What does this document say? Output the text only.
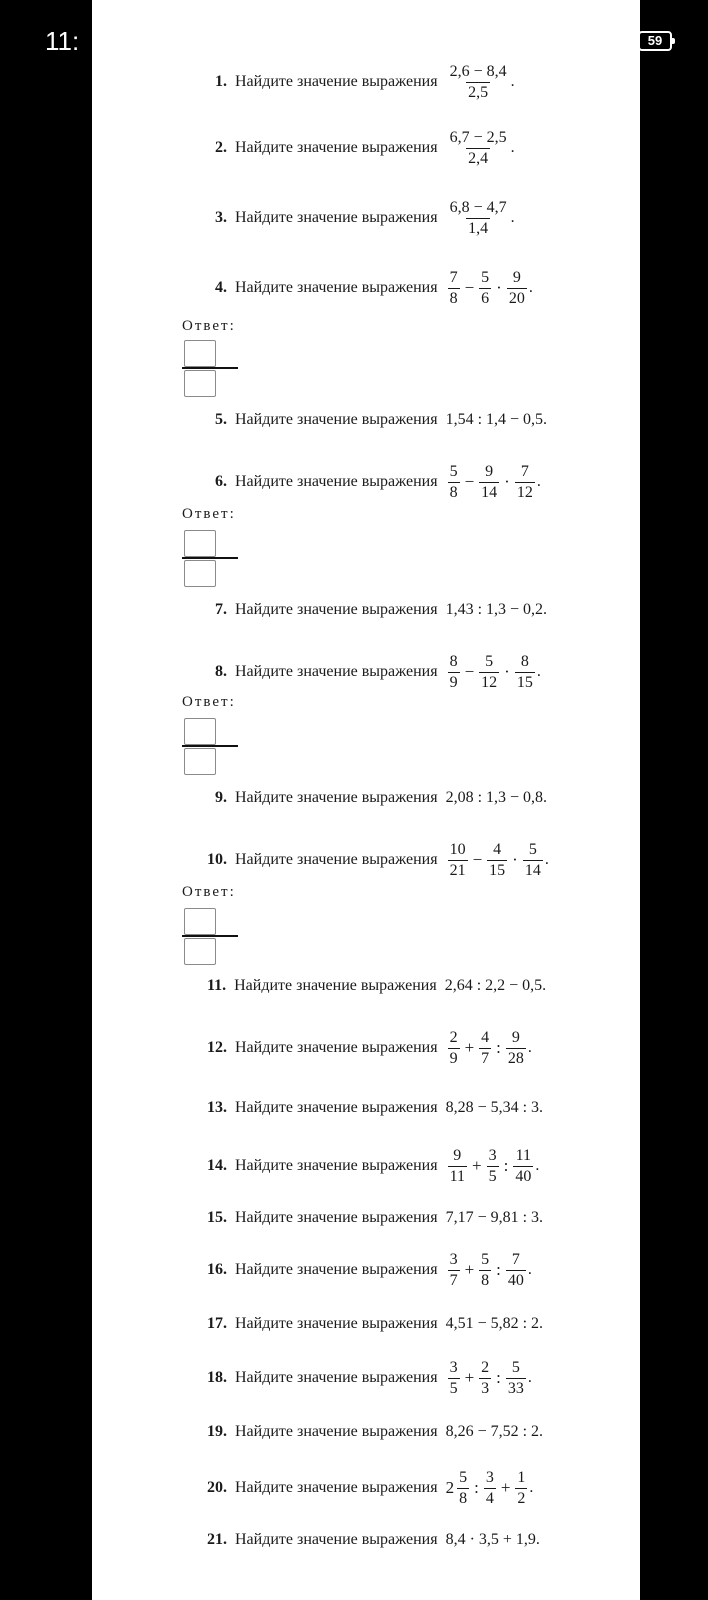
11:	59
1. Найдите значение выражения $\frac{2,6 - 8,4}{2,5}$ .
2. Найдите значение выражения $\frac{6,7 - 2,5}{2,4}$ .
3. Найдите значение выражения $\frac{6,8 - 4,7}{1,4}$ .
4. Найдите значение выражения $\frac{7}{8} - \frac{5}{6} \cdot \frac{9}{20}$ .
Ответ:
5. Найдите значение выражения 1,54 : 1,4 − 0,5.
6. Найдите значение выражения $\frac{5}{8} - \frac{9}{14} \cdot \frac{7}{12}$ .
Ответ:
7. Найдите значение выражения 1,43 : 1,3 − 0,2.
8. Найдите значение выражения $\frac{8}{9} - \frac{5}{12} \cdot \frac{8}{15}$ .
Ответ:
9. Найдите значение выражения 2,08 : 1,3 − 0,8.
10. Найдите значение выражения $\frac{10}{21} - \frac{4}{15} \cdot \frac{5}{14}$ .
Ответ:
11. Найдите значение выражения 2,64 : 2,2 − 0,5.
12. Найдите значение выражения $\frac{2}{9} + \frac{4}{7}$ : $\frac{9}{28}$ .
13. Найдите значение выражения 8,28 − 5,34 : 3.
14. Найдите значение выражения $\frac{9}{11} + \frac{3}{5}$ : $\frac{11}{40}$ .
15. Найдите значение выражения 7,17 − 9,81 : 3.
16. Найдите значение выражения $\frac{3}{7} + \frac{5}{8}$ : $\frac{7}{40}$ .
17. Найдите значение выражения 4,51 − 5,82 : 2.
18. Найдите значение выражения $\frac{3}{5} + \frac{2}{3}$ : $\frac{5}{33}$ .
19. Найдите значение выражения 8,26 − 7,52 : 2.
20. Найдите значение выражения $2 \frac{5}{8}$ : $\frac{3}{4} + \frac{1}{2}$ .
21. Найдите значение выражения 8,4 · 3,5 + 1,9.
